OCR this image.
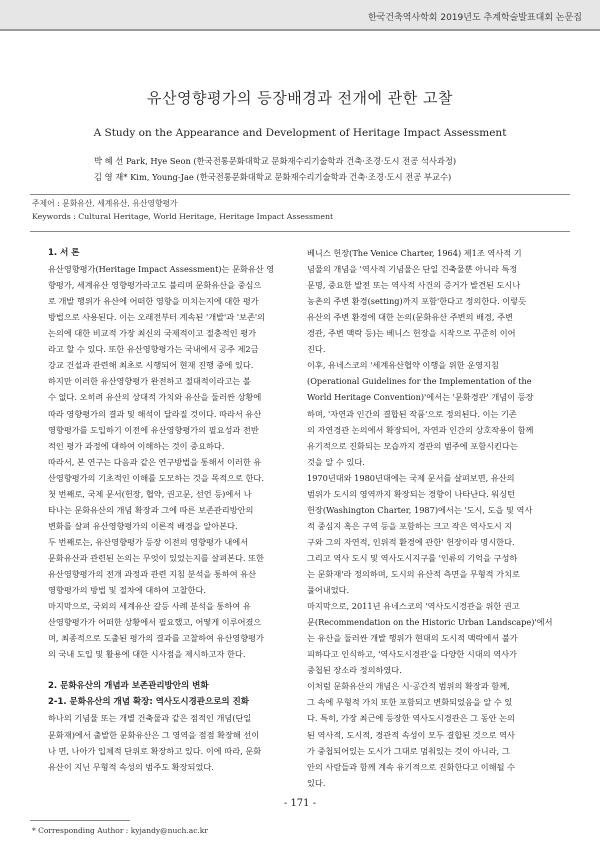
한국건축역사학회 2019년도 추계학술발표대회 논문집
유산영향평가의 등장배경과 전개에 관한 고찰
A Study on the Appearance and Development of Heritage Impact Assessment
박 혜 선 Park, Hye Seon (한국전통문화대학교 문화재수리기술학과 건축·조경·도시 전공 석사과정)
김 영 재* Kim, Young-Jae (한국전통문화대학교 문화재수리기술학과 건축·조경·도시 전공 부교수)
주제어 : 문화유산, 세계유산, 유산영향평가
Keywords : Cultural Heritage, World Heritage, Heritage Impact Assessment
1. 서 론
유산영향평가(Heritage Impact Assessment)는 문화유산 영
향평가, 세계유산 영향평가라고도 불리며 문화유산을 중심으
로 개발 행위가 유산에 어떠한 영향을 미치는지에 대한 평가
방법으로 사용된다. 이는 오래전부터 계속된 '개발'과 '보존'의
논의에 대한 비교적 가장 최신의 국제적이고 절충적인 평가
라고 할 수 있다. 또한 유산영향평가는 국내에서 공주 제2금
강교 건설과 관련해 최초로 시행되어 현재 진행 중에 있다.
하지만 이러한 유산영향평가 완전하고 절대적이라고는 볼
수 없다. 오히려 유산의 상대적 가치와 유산을 둘러싼 상황에
따라 영향평가의 결과 및 해석이 달라질 것이다. 따라서 유산
영향평가를 도입하기 이전에 유산영향평가의 필요성과 전반
적인 평가 과정에 대하여 이해하는 것이 중요하다.
따라서, 본 연구는 다음과 같은 연구방법을 통해서 이러한 유
산영향평가의 기초적인 이해를 도모하는 것을 목적으로 한다.
첫 번째로, 국제 문서(헌장, 협약, 권고문, 선언 등)에서 나
타나는 문화유산의 개념 확장과 그에 따른 보존관리방안의
변화를 살펴 유산영향평가의 이론적 배경을 알아본다.
두 번째로는, 유산영향평가 등장 이전의 영향평가 내에서
문화유산과 관련된 논의는 무엇이 있었는지를 살펴본다. 또한
유산영향평가의 전개 과정과 관련 지침 분석을 통하여 유산
영향평가의 방법 및 절차에 대하여 고찰한다.
마지막으로, 국외의 세계유산 갈등 사례 분석을 통하여 유
산영향평가가 어떠한 상황에서 필요했고, 어떻게 이루어졌으
며, 최종적으로 도출된 평가의 결과를 고찰하여 유산영향평가
의 국내 도입 및 활용에 대한 시사점을 제시하고자 한다.
2. 문화유산의 개념과 보존관리방안의 변화
2-1. 문화유산의 개념 확장: 역사도시경관으로의 진화
하나의 기념물 또는 개별 건축물과 같은 점적인 개념(단일
문화재)에서 출발한 문화유산은 그 영역을 점점 확장해 선이
나 면, 나아가 입체적 단위로 확장하고 있다. 이에 따라, 문화
유산이 지닌 무형적 속성의 범주도 확장되었다.
베니스 헌장(The Venice Charter, 1964) 제1조 역사적 기
념물의 개념을 '역사적 기념물은 단일 건축물뿐 아니라 특정
문명, 중요한 발전 또는 역사적 사건의 증거가 발견된 도시나
농촌의 주변 환경(setting)까지 포함'한다고 정의한다. 이렇듯
유산의 주변 환경에 대한 논의(문화유산 주변의 배경, 주변
경관, 주변 맥락 등)는 베니스 헌장을 시작으로 꾸준히 이어
진다.
이후, 유네스코의 '세계유산협약 이행을 위한 운영지침
(Operational Guidelines for the Implementation of the
World Heritage Convention)'에서는 '문화경관' 개념이 등장
하며, '자연과 인간의 결합된 작품'으로 정의된다. 이는 기존
의 자연경관 논의에서 확장되어, 자연과 인간의 상호작용이 함께
유기적으로 진화되는 모습까지 경관의 범주에 포함시킨다는
것을 알 수 있다.
1970년대와 1980년대에는 국제 문서를 살펴보면, 유산의
범위가 도시의 영역까지 확장되는 경향이 나타난다. 워싱턴
헌장(Washington Charter, 1987)에서는 '도시, 도읍 및 역사
적 중심지 혹은 구역 등을 포함하는 크고 작은 역사도시 지
구와 그의 자연적, 인위적 환경에 관한' 헌장이라 명시한다.
그리고 역사 도시 및 역사도시지구를 '인류의 기억을 구성하
는 문화재'라 정의하며, 도시의 유산적 측면을 무형적 가치로
풀어내었다.
마지막으로, 2011년 유네스코의 '역사도시경관을 위한 권고
문(Recommendation on the Historic Urban Landscape)'에서
는 유산을 둘러싼 개발 행위가 현대의 도시적 맥락에서 불가
피하다고 인식하고, '역사도시경관'을 다양한 시대의 역사가
중첩된 장소라 정의하였다.
이처럼 문화유산의 개념은 시·공간적 범위의 확장과 함께,
그 속에 무형적 가치 또한 포함되고 변화되었음을 알 수 있
다. 특히, 가장 최근에 등장한 역사도시경관은 그 동안 논의
된 역사적, 도시적, 경관적 속성이 모두 결합된 것으로 역사
가 중첩되어있는 도시가 그대로 멈춰있는 것이 아니라, 그
안의 사람들과 함께 계속 유기적으로 진화한다고 이해될 수
있다.
- 171 -
* Corresponding Author : kyjandy@nuch.ac.kr
